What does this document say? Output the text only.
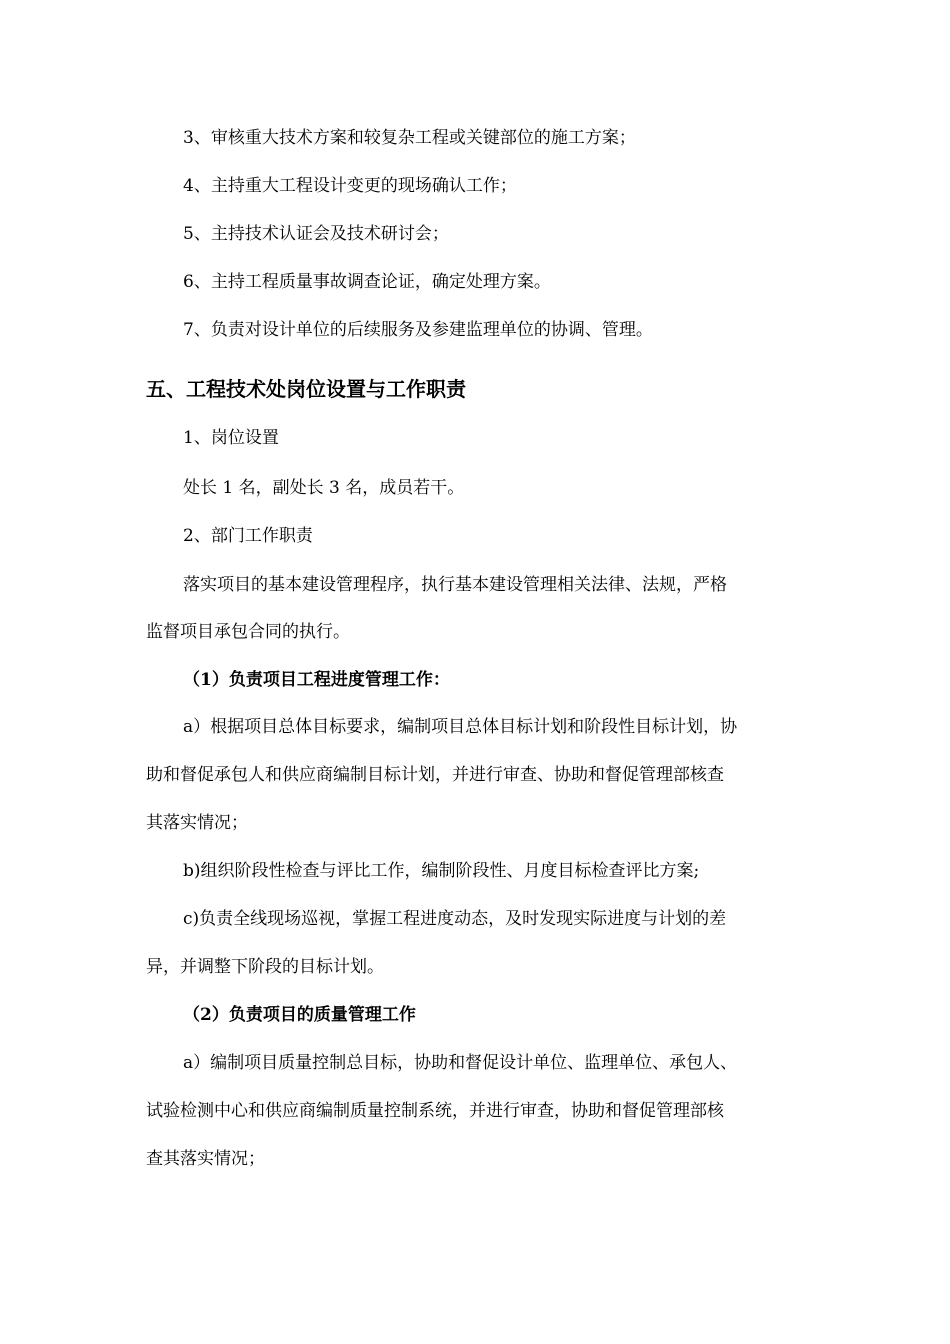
3、审核重大技术方案和较复杂工程或关键部位的施工方案；

4、主持重大工程设计变更的现场确认工作；

5、主持技术认证会及技术研讨会；

6、主持工程质量事故调查论证，确定处理方案。

7、负责对设计单位的后续服务及参建监理单位的协调、管理。

五、工程技术处岗位设置与工作职责

1、岗位设置

处长 1 名，副处长 3 名，成员若干。

2、部门工作职责

落实项目的基本建设管理程序，执行基本建设管理相关法律、法规，严格

监督项目承包合同的执行。

（1）负责项目工程进度管理工作：

a）根据项目总体目标要求，编制项目总体目标计划和阶段性目标计划，协

助和督促承包人和供应商编制目标计划，并进行审查、协助和督促管理部核查

其落实情况；

b)组织阶段性检查与评比工作，编制阶段性、月度目标检查评比方案;

c)负责全线现场巡视，掌握工程进度动态，及时发现实际进度与计划的差

异，并调整下阶段的目标计划。

（2）负责项目的质量管理工作

a）编制项目质量控制总目标，协助和督促设计单位、监理单位、承包人、

试验检测中心和供应商编制质量控制系统，并进行审查，协助和督促管理部核

查其落实情况；
